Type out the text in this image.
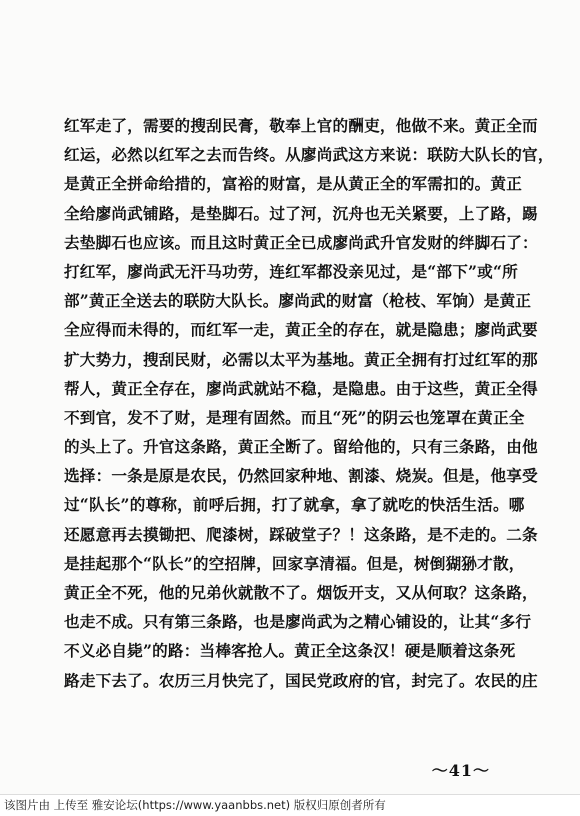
红军走了，需要的搜刮民膏，敬奉上官的酬吏，他做不来。黄正全而
红运，必然以红军之去而告终。从廖尚武这方来说：联防大队长的官，
是黄正全拼命给措的，富裕的财富，是从黄正全的军需扣的。黄正
全给廖尚武铺路，是垫脚石。过了河，沉舟也无关紧要，上了路，踢
去垫脚石也应该。而且这时黄正全已成廖尚武升官发财的绊脚石了：
打红军，廖尚武无汗马功劳，连红军都没亲见过，是“部下”或“所
部”黄正全送去的联防大队长。廖尚武的财富（枪枝、军饷）是黄正
全应得而未得的，而红军一走，黄正全的存在，就是隐患；廖尚武要
扩大势力，搜刮民财，必需以太平为基地。黄正全拥有打过红军的那
帮人，黄正全存在，廖尚武就站不稳，是隐患。由于这些，黄正全得
不到官，发不了财，是理有固然。而且“死”的阴云也笼罩在黄正全
的头上了。升官这条路，黄正全断了。留给他的，只有三条路，由他
选择：一条是原是农民，仍然回家种地、割漆、烧炭。但是，他享受
过“队长”的尊称，前呼后拥，打了就拿，拿了就吃的快活生活。哪
还愿意再去摸锄把、爬漆树，踩破堂子？！这条路，是不走的。二条
是挂起那个“队长”的空招牌，回家享清福。但是，树倒猢狲才散，
黄正全不死，他的兄弟伙就散不了。烟饭开支，又从何取？这条路，
也走不成。只有第三条路，也是廖尚武为之精心铺设的，让其“多行
不义必自毙”的路：当棒客抢人。黄正全这条汉！硬是顺着这条死
路走下去了。农历三月快完了，国民党政府的官，封完了。农民的庄
～41～
该图片由 上传至 雅安论坛(https://www.yaanbbs.net) 版权归原创者所有
